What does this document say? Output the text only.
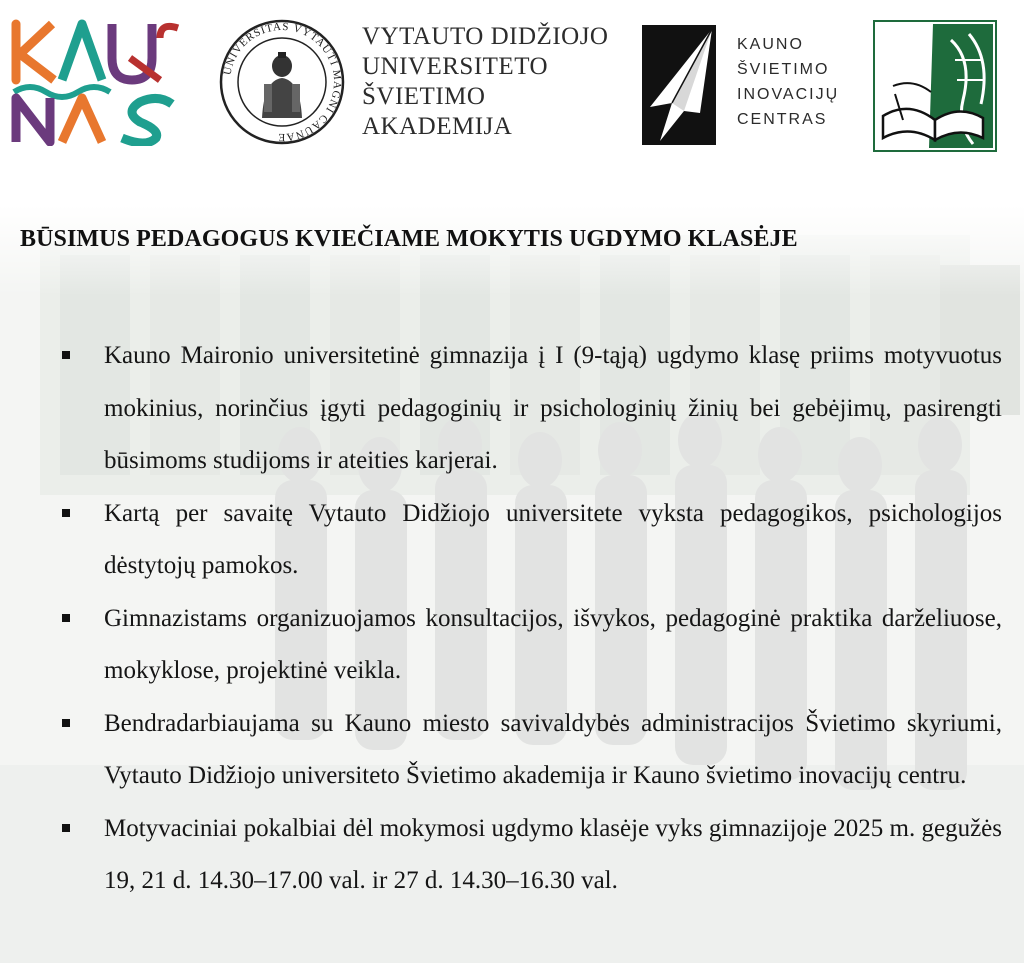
UNIVERSITAS VYTAUTI MAGNI CAUNAE
VYTAUTO DIDŽIOJO
UNIVERSITETO
ŠVIETIMO
AKADEMIJA
KAUNO
ŠVIETIMO
INOVACIJŲ
CENTRAS
BŪSIMUS PEDAGOGUS KVIEČIAME MOKYTIS UGDYMO KLASĖJE
Kauno Maironio universitetinė gimnazija į I (9-tąją) ugdymo klasę priims motyvuotus mokinius, norinčius įgyti pedagoginių ir psichologinių žinių bei gebėjimų, pasirengti būsimoms studijoms ir ateities karjerai.
Kartą per savaitę Vytauto Didžiojo universitete vyksta pedagogikos, psichologijos dėstytojų pamokos.
Gimnazistams organizuojamos konsultacijos, išvykos, pedagoginė praktika darželiuose, mokyklose, projektinė veikla.
Bendradarbiaujama su Kauno miesto savivaldybės administracijos Švietimo skyriumi, Vytauto Didžiojo universiteto Švietimo akademija ir Kauno švietimo inovacijų centru.
Motyvaciniai pokalbiai dėl mokymosi ugdymo klasėje vyks gimnazijoje 2025 m. gegužės 19, 21 d. 14.30–17.00 val. ir 27 d. 14.30–16.30 val.
